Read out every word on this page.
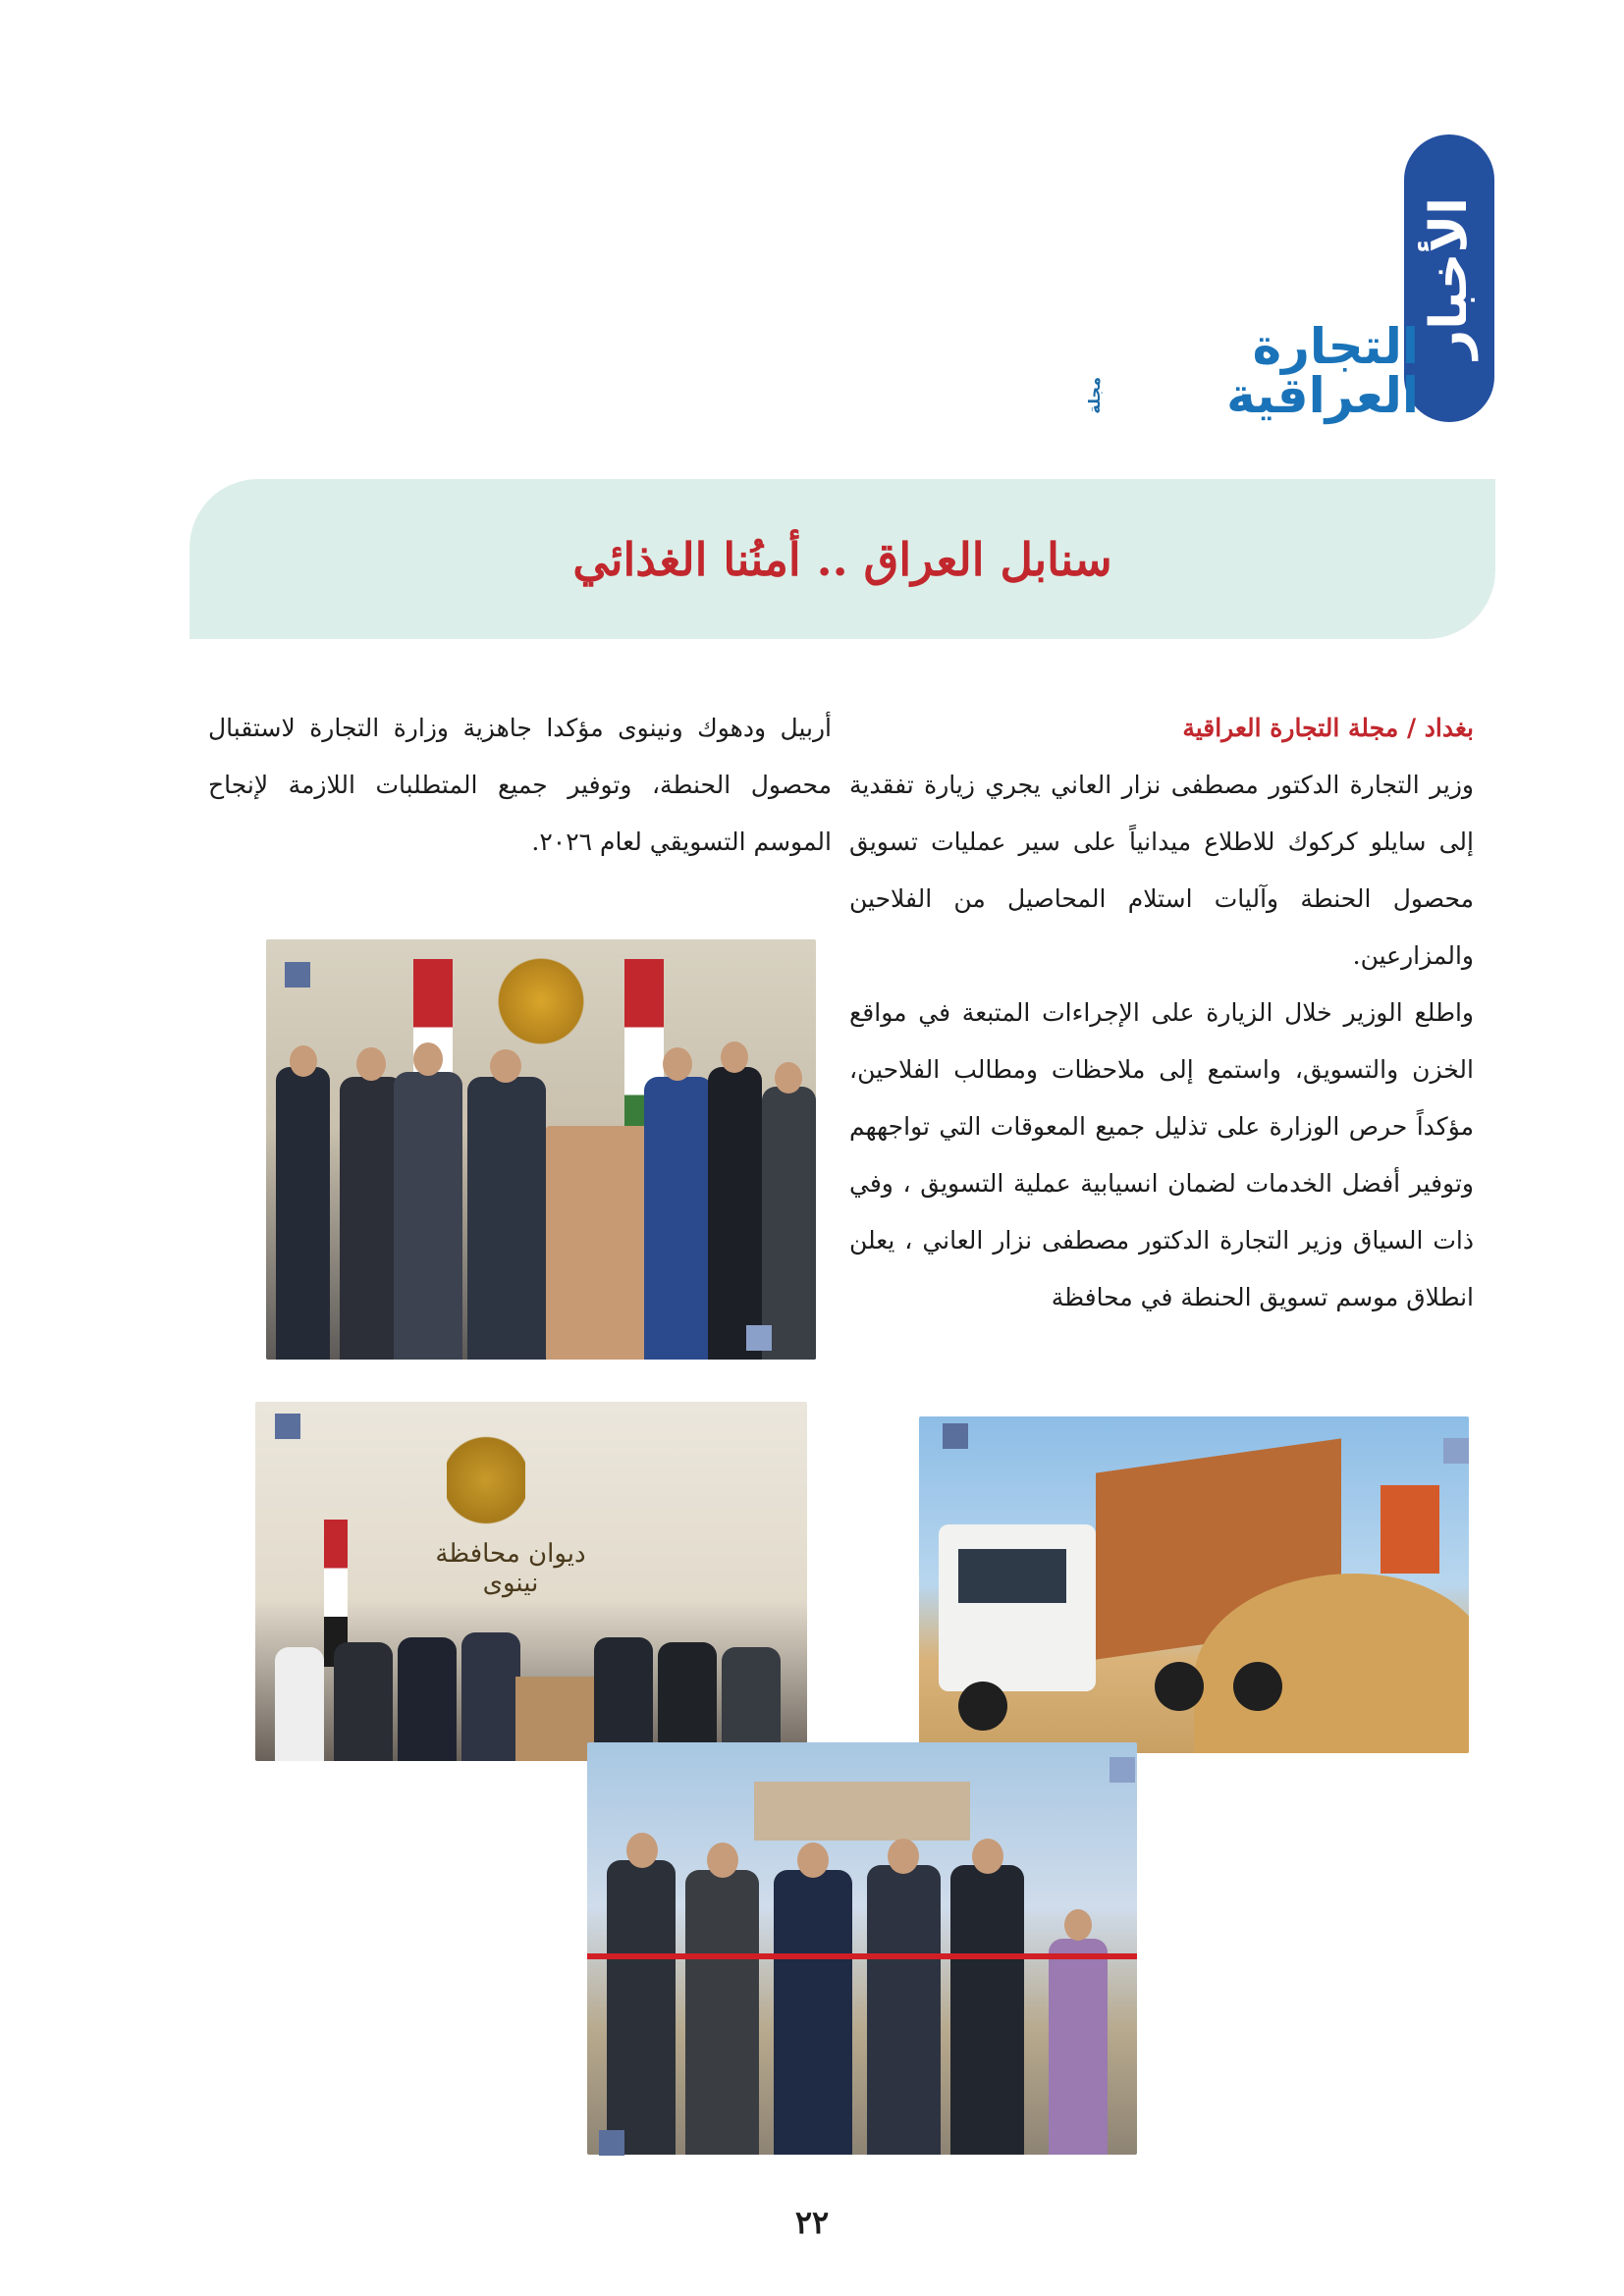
الأخبار
التجارة العراقية
مجلة
سنابل العراق .. أمنُنا الغذائي
بغداد / مجلة التجارة العراقية

وزير التجارة الدكتور مصطفى نزار العاني يجري زيارة تفقدية إلى سايلو كركوك للاطلاع ميدانياً على سير عمليات تسويق محصول الحنطة وآليات استلام المحاصيل من الفلاحين والمزارعين.

واطلع الوزير خلال الزيارة على الإجراءات المتبعة في مواقع الخزن والتسويق، واستمع إلى ملاحظات ومطالب الفلاحين، مؤكداً حرص الوزارة على تذليل جميع المعوقات التي تواجههم وتوفير أفضل الخدمات لضمان انسيابية عملية التسويق ، وفي ذات السياق وزير التجارة الدكتور مصطفى نزار العاني ، يعلن انطلاق موسم تسويق الحنطة في محافظة

أربيل ودهوك ونينوى مؤكدا جاهزية وزارة التجارة لاستقبال محصول الحنطة، وتوفير جميع المتطلبات اللازمة لإنجاح الموسم التسويقي لعام ٢٠٢٦.

ديوان محافظة نينوى
٢٢
